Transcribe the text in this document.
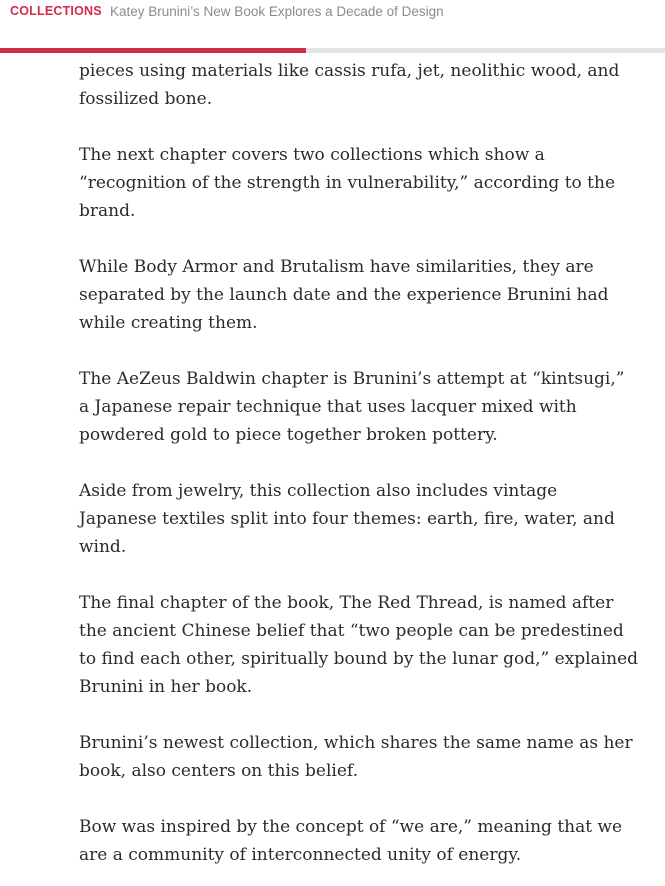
COLLECTIONS Katey Brunini’s New Book Explores a Decade of Design

pieces using materials like cassis rufa, jet, neolithic wood, and fossilized bone.

The next chapter covers two collections which show a “recognition of the strength in vulnerability,” according to the brand.

While Body Armor and Brutalism have similarities, they are separated by the launch date and the experience Brunini had while creating them.

The AeZeus Baldwin chapter is Brunini’s attempt at “kintsugi,” a Japanese repair technique that uses lacquer mixed with powdered gold to piece together broken pottery.

Aside from jewelry, this collection also includes vintage Japanese textiles split into four themes: earth, fire, water, and wind.

The final chapter of the book, The Red Thread, is named after the ancient Chinese belief that “two people can be predestined to find each other, spiritually bound by the lunar god,” explained Brunini in her book.

Brunini’s newest collection, which shares the same name as her book, also centers on this belief.

Bow was inspired by the concept of “we are,” meaning that we are a community of interconnected unity of energy.
